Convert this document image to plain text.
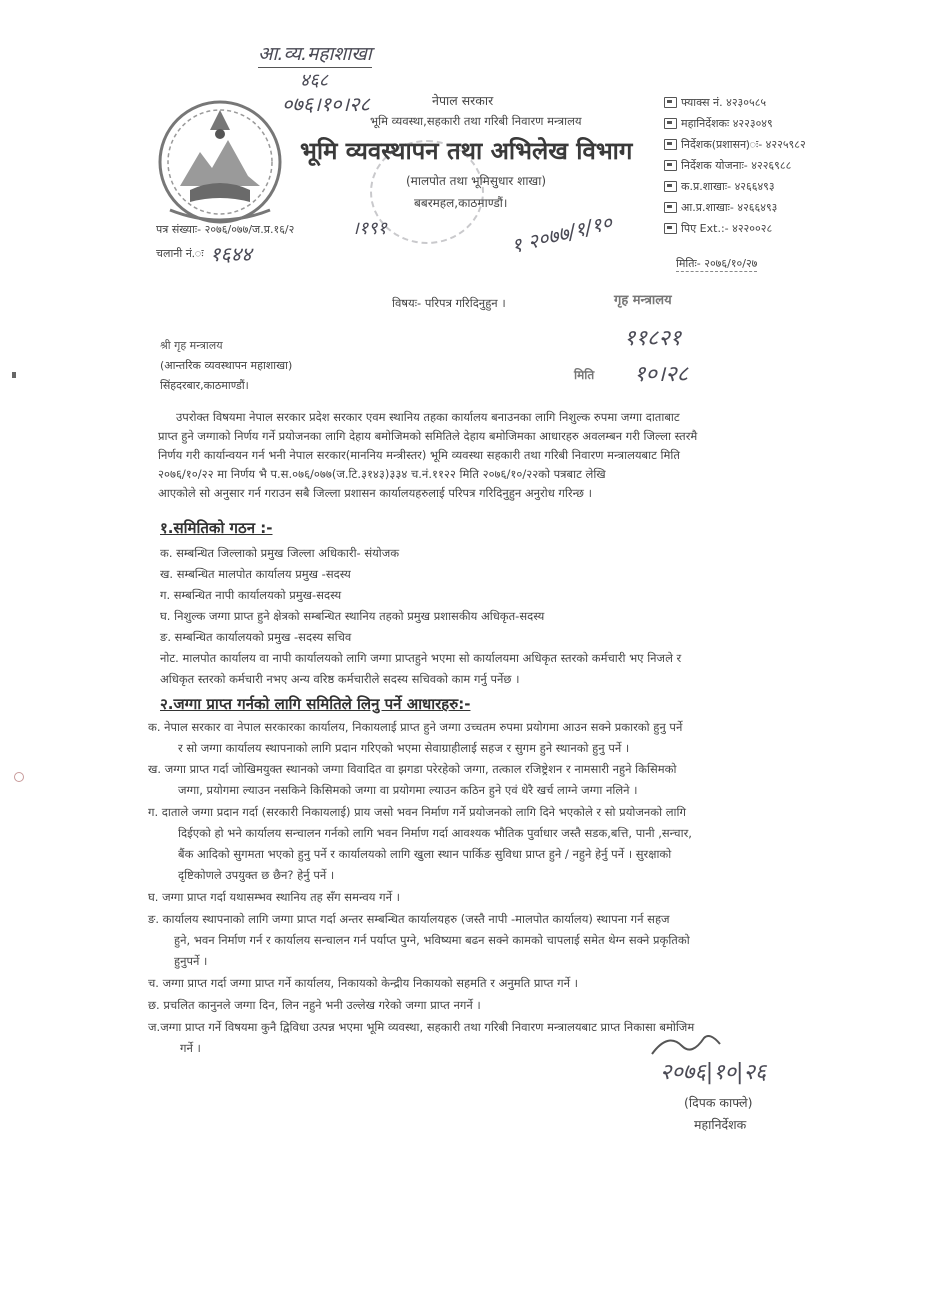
आ.व्य.महाशाखा
४६८
०७६।१०।२८	नेपाल सरकार
भूमि व्यवस्था,सहकारी तथा गरिबी निवारण मन्त्रालय
भूमि व्यवस्थापन तथा अभिलेख विभाग
(मालपोत तथा भूमिसुधार शाखा)
बबरमहल,काठमाण्डौं।
फ्याक्स नं. ४२३०५८५
महानिर्देशकः ४२२३०४९
निर्देशक(प्रशासन)ः- ४२२५९८२
निर्देशक योजनाः- ४२२६९८८
क.प्र.शाखाः- ४२६६४९३
आ.प्र.शाखाः- ४२६६४९३
पिए Ext.:- ४२२००२८
पत्र संख्याः- २०७६/०७७/ज.प्र.१६/२	।१९१
चलानी नं.ः १६४४	१ २०७७/१/१०
मितिः- २०७६/१०/२७
विषयः- परिपत्र गरिदिनुहुन ।
श्री गृह मन्त्रालय
(आन्तरिक व्यवस्थापन महाशाखा)
सिंहदरबार,काठमाण्डौं।
गृह मन्त्रालय
११८२१
मिति १०।२८
उपरोक्त विषयमा नेपाल सरकार प्रदेश सरकार एवम स्थानिय तहका कार्यालय बनाउनका लागि निशुल्क रुपमा जग्गा दाताबाट
प्राप्त हुने जग्गाको निर्णय गर्ने प्रयोजनका लागि देहाय बमोजिमको समितिले देहाय बमोजिमका आधारहरु अवलम्बन गरी जिल्ला स्तरमै
निर्णय गरी कार्यान्वयन गर्न भनी नेपाल सरकार(माननिय मन्त्रीस्तर) भूमि व्यवस्था सहकारी तथा गरिबी निवारण मन्त्रालयबाट मिति
२०७६/१०/२२ मा निर्णय भै प.स.०७६/०७७(ज.टि.३१४३)३३४ च.नं.११२२ मिति २०७६/१०/२२को पत्रबाट लेखि
आएकोले सो अनुसार गर्न गराउन सबै जिल्ला प्रशासन कार्यालयहरुलाई परिपत्र गरिदिनुहुन अनुरोध गरिन्छ ।
१.समितिको गठन :-
क. सम्बन्धित जिल्लाको प्रमुख जिल्ला अधिकारी- संयोजक
ख. सम्बन्धित मालपोत कार्यालय प्रमुख -सदस्य
ग. सम्बन्धित नापी कार्यालयको प्रमुख-सदस्य
घ. निशुल्क जग्गा प्राप्त हुने क्षेत्रको सम्बन्धित स्थानिय तहको प्रमुख प्रशासकीय अधिकृत-सदस्य
ङ. सम्बन्धित कार्यालयको प्रमुख -सदस्य सचिव
नोट. मालपोत कार्यालय वा नापी कार्यालयको लागि जग्गा प्राप्तहुने भएमा सो कार्यालयमा अधिकृत स्तरको कर्मचारी भए निजले र
अधिकृत स्तरको कर्मचारी नभए अन्य वरिष्ठ कर्मचारीले सदस्य सचिवको काम गर्नु पर्नेछ ।
२.जग्गा प्राप्त गर्नको लागि समितिले लिनु पर्ने आधारहरु:-
क. नेपाल सरकार वा नेपाल सरकारका कार्यालय, निकायलाई प्राप्त हुने जग्गा उच्चतम रुपमा प्रयोगमा आउन सक्ने प्रकारको हुनु पर्ने
र सो जग्गा कार्यालय स्थापनाको लागि प्रदान गरिएको भएमा सेवाग्राहीलाई सहज र सुगम हुने स्थानको हुनु पर्ने ।
ख. जग्गा प्राप्त गर्दा जोखिमयुक्त स्थानको जग्गा विवादित वा झगडा परेरहेको जग्गा, तत्काल रजिष्ट्रेशन र नामसारी नहुने किसिमको
जग्गा, प्रयोगमा ल्याउन नसकिने किसिमको जग्गा वा प्रयोगमा ल्याउन कठिन हुने एवं धेरै खर्च लाग्ने जग्गा नलिने ।
ग. दाताले जग्गा प्रदान गर्दा (सरकारी निकायलाई) प्राय जसो भवन निर्माण गर्ने प्रयोजनको लागि दिने भएकोले र सो प्रयोजनको लागि
दिईएको हो भने कार्यालय सन्चालन गर्नको लागि भवन निर्माण गर्दा आवश्यक भौतिक पुर्वाधार जस्तै सडक,बत्ति, पानी ,सन्चार,
बैंक आदिको सुगमता भएको हुनु पर्ने र कार्यालयको लागि खुला स्थान पार्किङ सुविधा प्राप्त हुने / नहुने हेर्नु पर्ने । सुरक्षाको
दृष्टिकोणले उपयुक्त छ छैन? हेर्नु पर्ने ।
घ. जग्गा प्राप्त गर्दा यथासम्भव स्थानिय तह सँग समन्वय गर्ने ।
ङ. कार्यालय स्थापनाको लागि जग्गा प्राप्त गर्दा अन्तर सम्बन्धित कार्यालयहरु (जस्तै नापी -मालपोत कार्यालय) स्थापना गर्न सहज
हुने, भवन निर्माण गर्न र कार्यालय सन्चालन गर्न पर्याप्त पुग्ने, भविष्यमा बढन सक्ने कामको चापलाई समेत थेग्न सक्ने प्रकृतिको
हुनुपर्ने ।
च. जग्गा प्राप्त गर्दा जग्गा प्राप्त गर्ने कार्यालय, निकायको केन्द्रीय निकायको सहमति र अनुमति प्राप्त गर्ने ।
छ. प्रचलित कानुनले जग्गा दिन, लिन नहुने भनी उल्लेख गरेको जग्गा प्राप्त नगर्ने ।
ज.जग्गा प्राप्त गर्ने विषयमा कुनै द्विविधा उत्पन्न भएमा भूमि व्यवस्था, सहकारी तथा गरिबी निवारण मन्त्रालयबाट प्राप्त निकासा बमोजिम
गर्ने ।
२०७६|१०|२६
(दिपक काफ्ले)
महानिर्देशक
